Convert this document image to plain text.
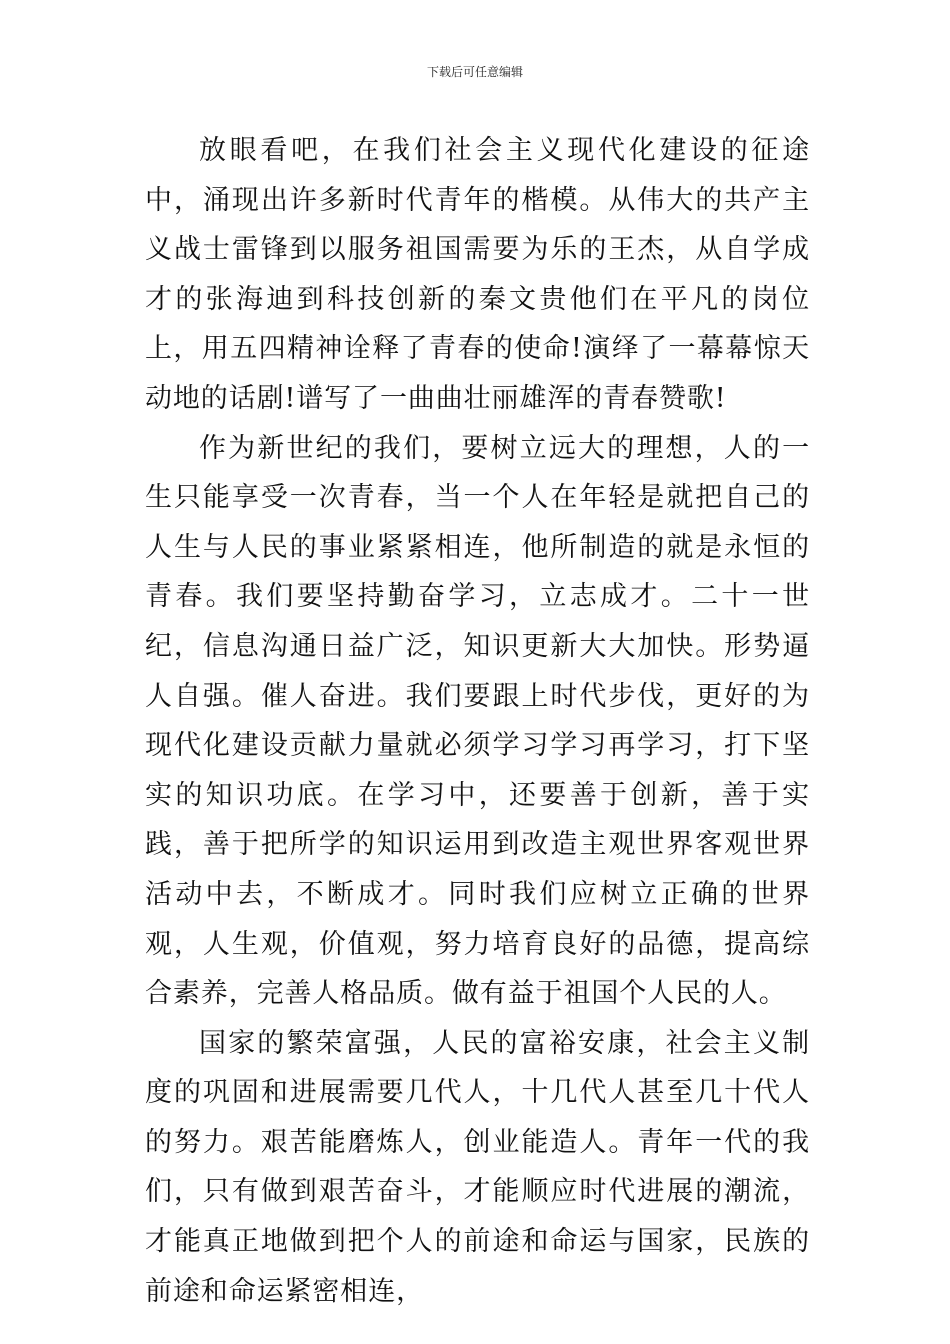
下载后可任意编辑

放眼看吧，在我们社会主义现代化建设的征途中，涌现出许多新时代青年的楷模。从伟大的共产主义战士雷锋到以服务祖国需要为乐的王杰，从自学成才的张海迪到科技创新的秦文贵他们在平凡的岗位上，用五四精神诠释了青春的使命!演绎了一幕幕惊天动地的话剧!谱写了一曲曲壮丽雄浑的青春赞歌!

作为新世纪的我们，要树立远大的理想，人的一生只能享受一次青春，当一个人在年轻是就把自己的人生与人民的事业紧紧相连，他所制造的就是永恒的青春。我们要坚持勤奋学习，立志成才。二十一世纪，信息沟通日益广泛，知识更新大大加快。形势逼人自强。催人奋进。我们要跟上时代步伐，更好的为现代化建设贡献力量就必须学习学习再学习，打下坚实的知识功底。在学习中，还要善于创新，善于实践，善于把所学的知识运用到改造主观世界客观世界活动中去，不断成才。同时我们应树立正确的世界观，人生观，价值观，努力培育良好的品德，提高综合素养，完善人格品质。做有益于祖国个人民的人。

国家的繁荣富强，人民的富裕安康，社会主义制度的巩固和进展需要几代人，十几代人甚至几十代人的努力。艰苦能磨炼人，创业能造人。青年一代的我们，只有做到艰苦奋斗，才能顺应时代进展的潮流，才能真正地做到把个人的前途和命运与国家，民族的前途和命运紧密相连，
